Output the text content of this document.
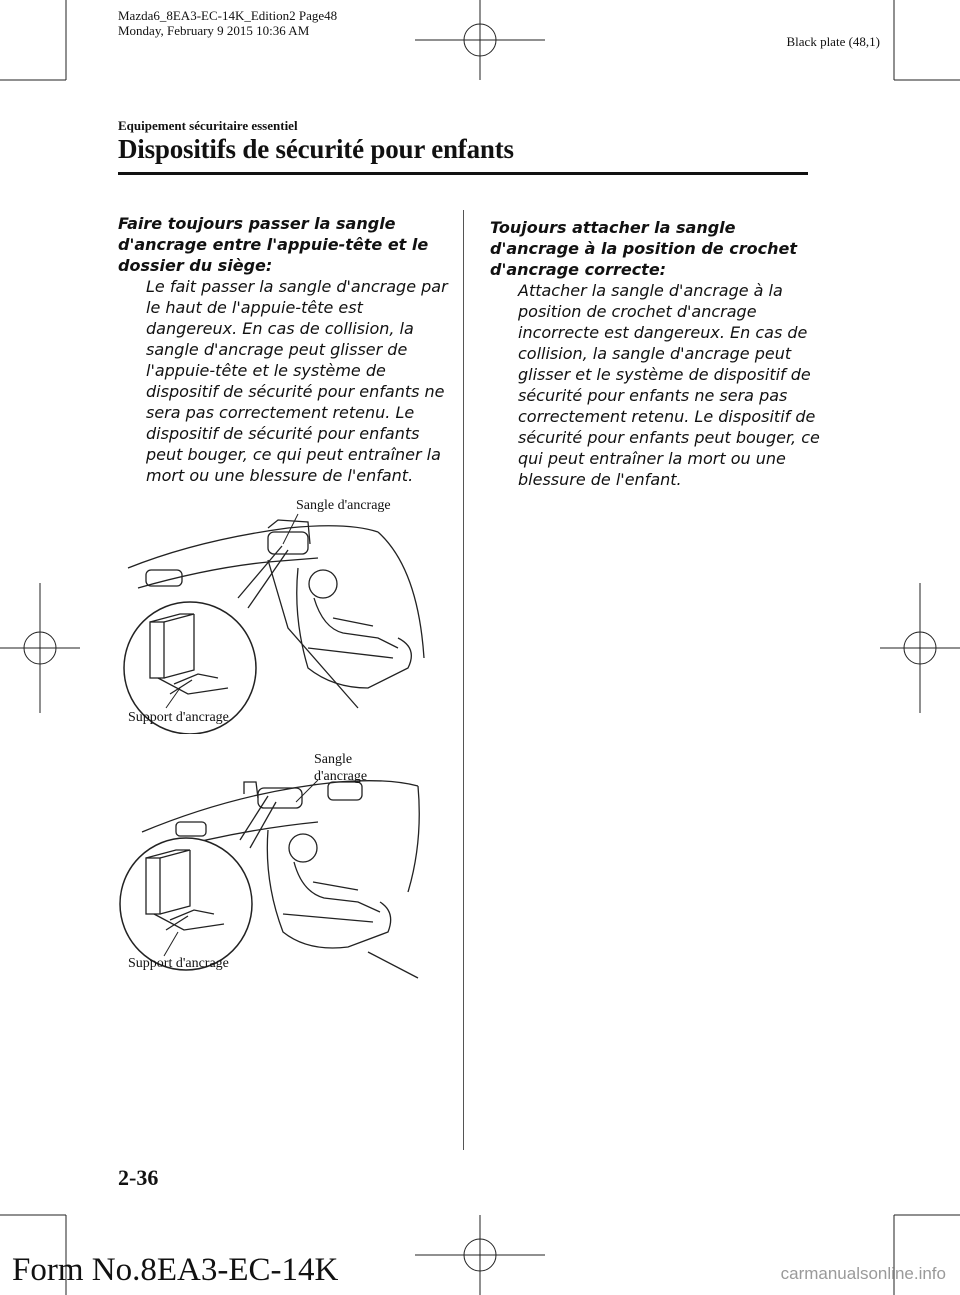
Mazda6_8EA3-EC-14K_Edition2 Page48
Monday, February 9 2015 10:36 AM
Black plate (48,1)
Equipement sécuritaire essentiel
Dispositifs de sécurité pour enfants
Faire toujours passer la sangle d'ancrage entre l'appuie-tête et le dossier du siège:
Le fait passer la sangle d'ancrage par le haut de l'appuie-tête est dangereux. En cas de collision, la sangle d'ancrage peut glisser de l'appuie-tête et le système de dispositif de sécurité pour enfants ne sera pas correctement retenu. Le dispositif de sécurité pour enfants peut bouger, ce qui peut entraîner la mort ou une blessure de l'enfant.
Toujours attacher la sangle d'ancrage à la position de crochet d'ancrage correcte:
Attacher la sangle d'ancrage à la position de crochet d'ancrage incorrecte est dangereux. En cas de collision, la sangle d'ancrage peut glisser et le système de dispositif de sécurité pour enfants ne sera pas correctement retenu. Le dispositif de sécurité pour enfants peut bouger, ce qui peut entraîner la mort ou une blessure de l'enfant.
Sangle d'ancrage
Support d'ancrage
Sangle
d'ancrage
Support d'ancrage
2-36
Form No.8EA3-EC-14K	carmanualsonline.info
